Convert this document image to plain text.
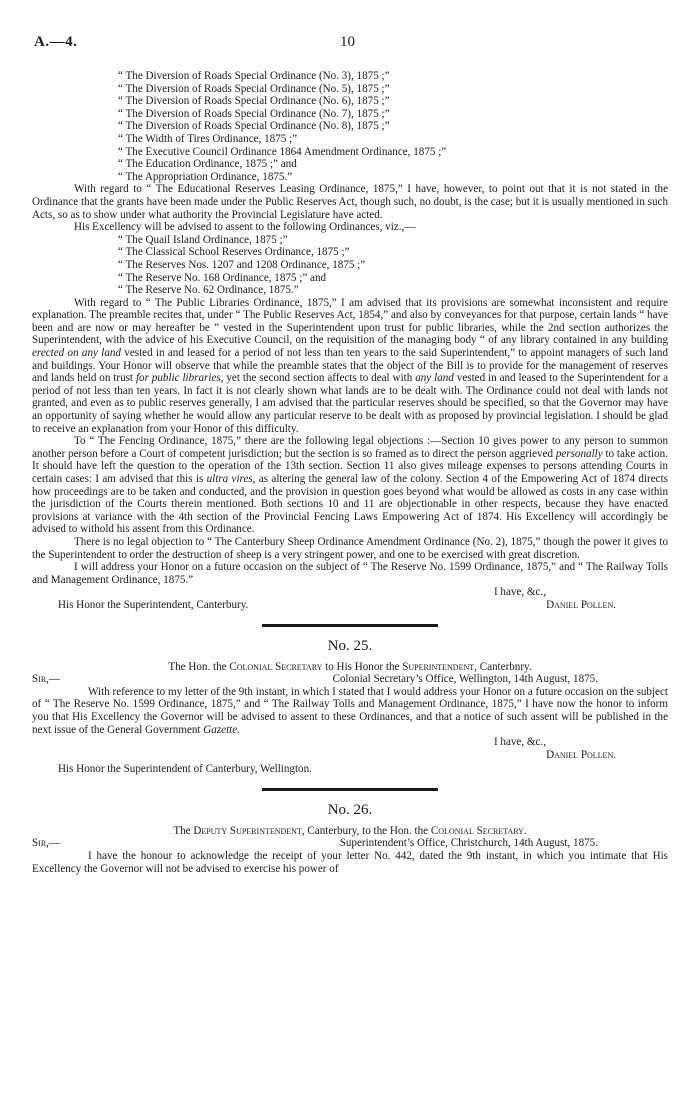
A.—4.	10
“ The Diversion of Roads Special Ordinance (No. 3), 1875 ;”
“ The Diversion of Roads Special Ordinance (No. 5), 1875 ;”
“ The Diversion of Roads Special Ordinance (No. 6), 1875 ;”
“ The Diversion of Roads Special Ordinance (No. 7), 1875 ;”
“ The Diversion of Roads Special Ordinance (No. 8), 1875 ;”
“ The Width of Tires Ordinance, 1875 ;”
“ The Executive Council Ordinance 1864 Amendment Ordinance, 1875 ;”
“ The Education Ordinance, 1875 ;” and
“ The Appropriation Ordinance, 1875.”

With regard to “ The Educational Reserves Leasing Ordinance, 1875,” I have, however, to point out that it is not stated in the Ordinance that the grants have been made under the Public Reserves Act, though such, no doubt, is the case; but it is usually mentioned in such Acts, so as to show under what authority the Provincial Legislature have acted.

His Excellency will be advised to assent to the following Ordinances, viz.,—

“ The Quail Island Ordinance, 1875 ;”
“ The Classical School Reserves Ordinance, 1875 ;”
“ The Reserves Nos. 1207 and 1208 Ordinance, 1875 ;”
“ The Reserve No. 168 Ordinance, 1875 ;” and
“ The Reserve No. 62 Ordinance, 1875.”

With regard to “ The Public Libraries Ordinance, 1875,” I am advised that its provisions are somewhat inconsistent and require explanation. The preamble recites that, under “ The Public Reserves Act, 1854,” and also by conveyances for that purpose, certain lands “ have been and are now or may hereafter be ” vested in the Superintendent upon trust for public libraries, while the 2nd section authorizes the Superintendent, with the advice of his Executive Council, on the requisition of the managing body “ of any library contained in any building erected on any land vested in and leased for a period of not less than ten years to the said Superintendent,” to appoint managers of such land and buildings. Your Honor will observe that while the preamble states that the object of the Bill is to provide for the management of reserves and lands held on trust for public libraries, yet the second section affects to deal with any land vested in and leased to the Superintendent for a period of not less than ten years. In fact it is not clearly shown what lands are to be dealt with. The Ordinance could not deal with lands not granted, and even as to public reserves generally, I am advised that the particular reserves should be specified, so that the Governor may have an opportunity of saying whether he would allow any particular reserve to be dealt with as proposed by provincial legislation. I should be glad to receive an explanation from your Honor of this difficulty.

To “ The Fencing Ordinance, 1875,” there are the following legal objections :—Section 10 gives power to any person to summon another person before a Court of competent jurisdiction; but the section is so framed as to direct the person aggrieved personally to take action. It should have left the question to the operation of the 13th section. Section 11 also gives mileage expenses to persons attending Courts in certain cases: I am advised that this is ultra vires, as altering the general law of the colony. Section 4 of the Empowering Act of 1874 directs how proceedings are to be taken and conducted, and the provision in question goes beyond what would be allowed as costs in any case within the jurisdiction of the Courts therein mentioned. Both sections 10 and 11 are objectionable in other respects, because they have enacted provisions at variance with the 4th section of the Provincial Fencing Laws Empowering Act of 1874. His Excellency will accordingly be advised to withold his assent from this Ordinance.

There is no legal objection to “ The Canterbury Sheep Ordinance Amendment Ordinance (No. 2), 1875,” though the power it gives to the Superintendent to order the destruction of sheep is a very stringent power, and one to be exercised with great discretion.

I will address your Honor on a future occasion on the subject of “ The Reserve No. 1599 Ordinance, 1875,” and “ The Railway Tolls and Management Ordinance, 1875.”

I have, &c.,
His Honor the Superintendent, Canterbury.	Daniel Pollen.
No. 25.
The Hon. the Colonial Secretary to His Honor the Superintendent, Canterbnry.
Sir,—	Colonial Secretary’s Office, Wellington, 14th August, 1875.

With reference to my letter of the 9th instant, in which I stated that I would address your Honor on a future occasion on the subject of “ The Reserve No. 1599 Ordinance, 1875,” and “ The Railway Tolls and Management Ordinance, 1875,” I have now the honor to inform you that His Excellency the Governor will be advised to assent to these Ordinances, and that a notice of such assent will be published in the next issue of the General Government Gazette.

I have, &c.,
Daniel Pollen.
His Honor the Superintendent of Canterbury, Wellington.
No. 26.
The Deputy Superintendent, Canterbury, to the Hon. the Colonial Secretary.
Sir,—	Superintendent’s Office, Christchurch, 14th August, 1875.

I have the honour to acknowledge the receipt of your letter No. 442, dated the 9th instant, in which you intimate that His Excellency the Governor will not be advised to exercise his power of
